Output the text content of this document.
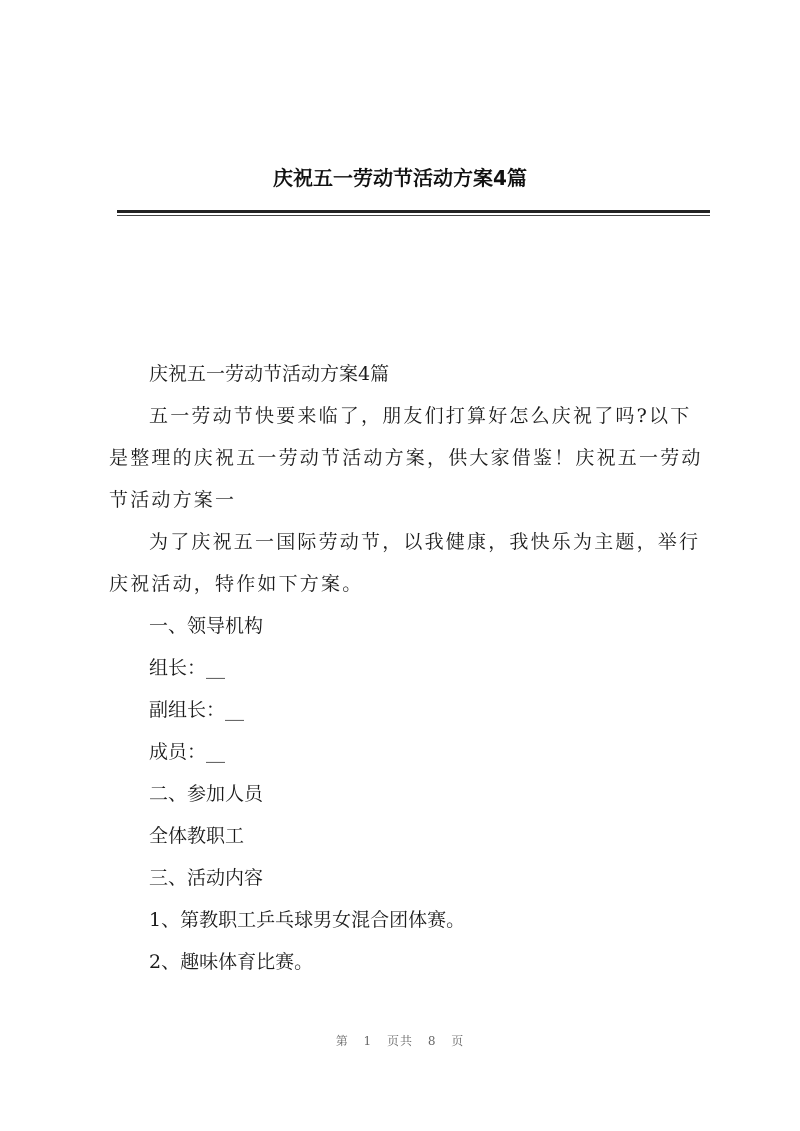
庆祝五一劳动节活动方案4篇

庆祝五一劳动节活动方案4篇

五一劳动节快要来临了，朋友们打算好怎么庆祝了吗?以下是整理的庆祝五一劳动节活动方案，供大家借鉴！庆祝五一劳动节活动方案一

为了庆祝五一国际劳动节，以我健康，我快乐为主题，举行庆祝活动，特作如下方案。

一、领导机构

组长：__

副组长：__

成员：__

二、参加人员

全体教职工

三、活动内容

1、第教职工乒乓球男女混合团体赛。

2、趣味体育比赛。

第 1 页共 8 页
